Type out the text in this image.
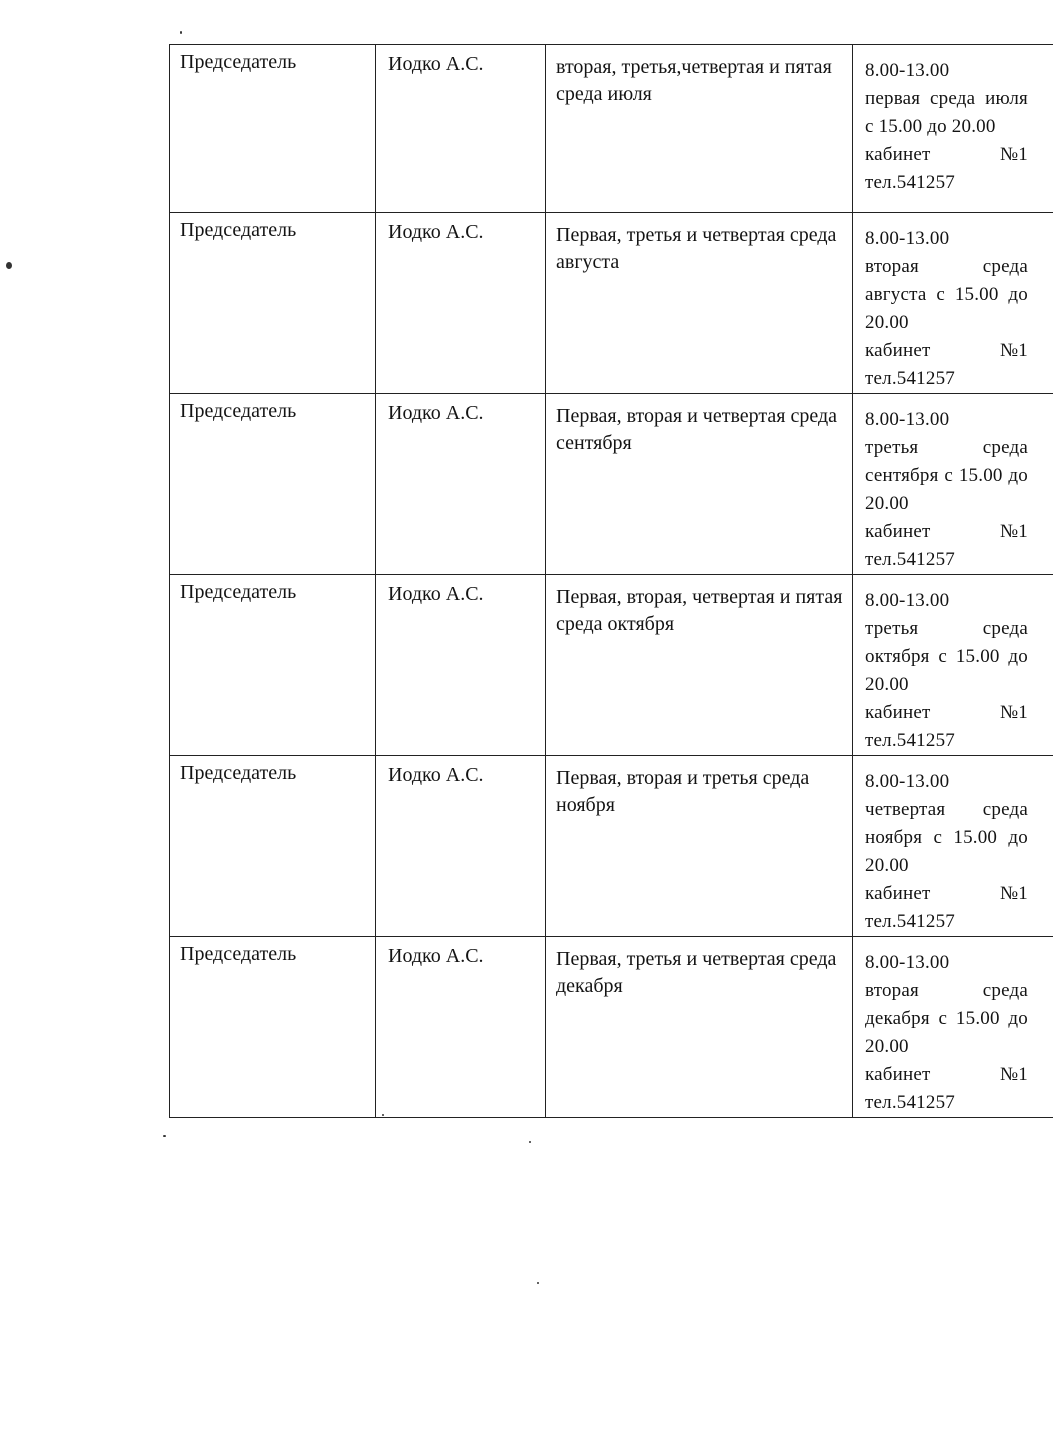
Председатель	Иодко А.С.	вторая, третья,четвертая и пятая среда июля	8.00-13.00
первая среда июля с 15.00 до 20.00
кабинет №1
тел.541257

Председатель	Иодко А.С.	Первая, третья и четвертая среда августа	8.00-13.00
вторая среда августа с 15.00 до 20.00
кабинет №1
тел.541257

Председатель	Иодко А.С.	Первая, вторая и четвертая среда сентября	8.00-13.00
третья среда сентября с 15.00 до 20.00
кабинет №1
тел.541257

Председатель	Иодко А.С.	Первая, вторая, четвертая и пятая среда октября	8.00-13.00
третья среда октября с 15.00 до 20.00
кабинет №1
тел.541257

Председатель	Иодко А.С.	Первая, вторая и третья среда ноября	8.00-13.00
четвертая среда ноября с 15.00 до 20.00
кабинет №1
тел.541257

Председатель	Иодко А.С.	Первая, третья и четвертая среда декабря	8.00-13.00
вторая среда декабря с 15.00 до 20.00
кабинет №1
тел.541257
